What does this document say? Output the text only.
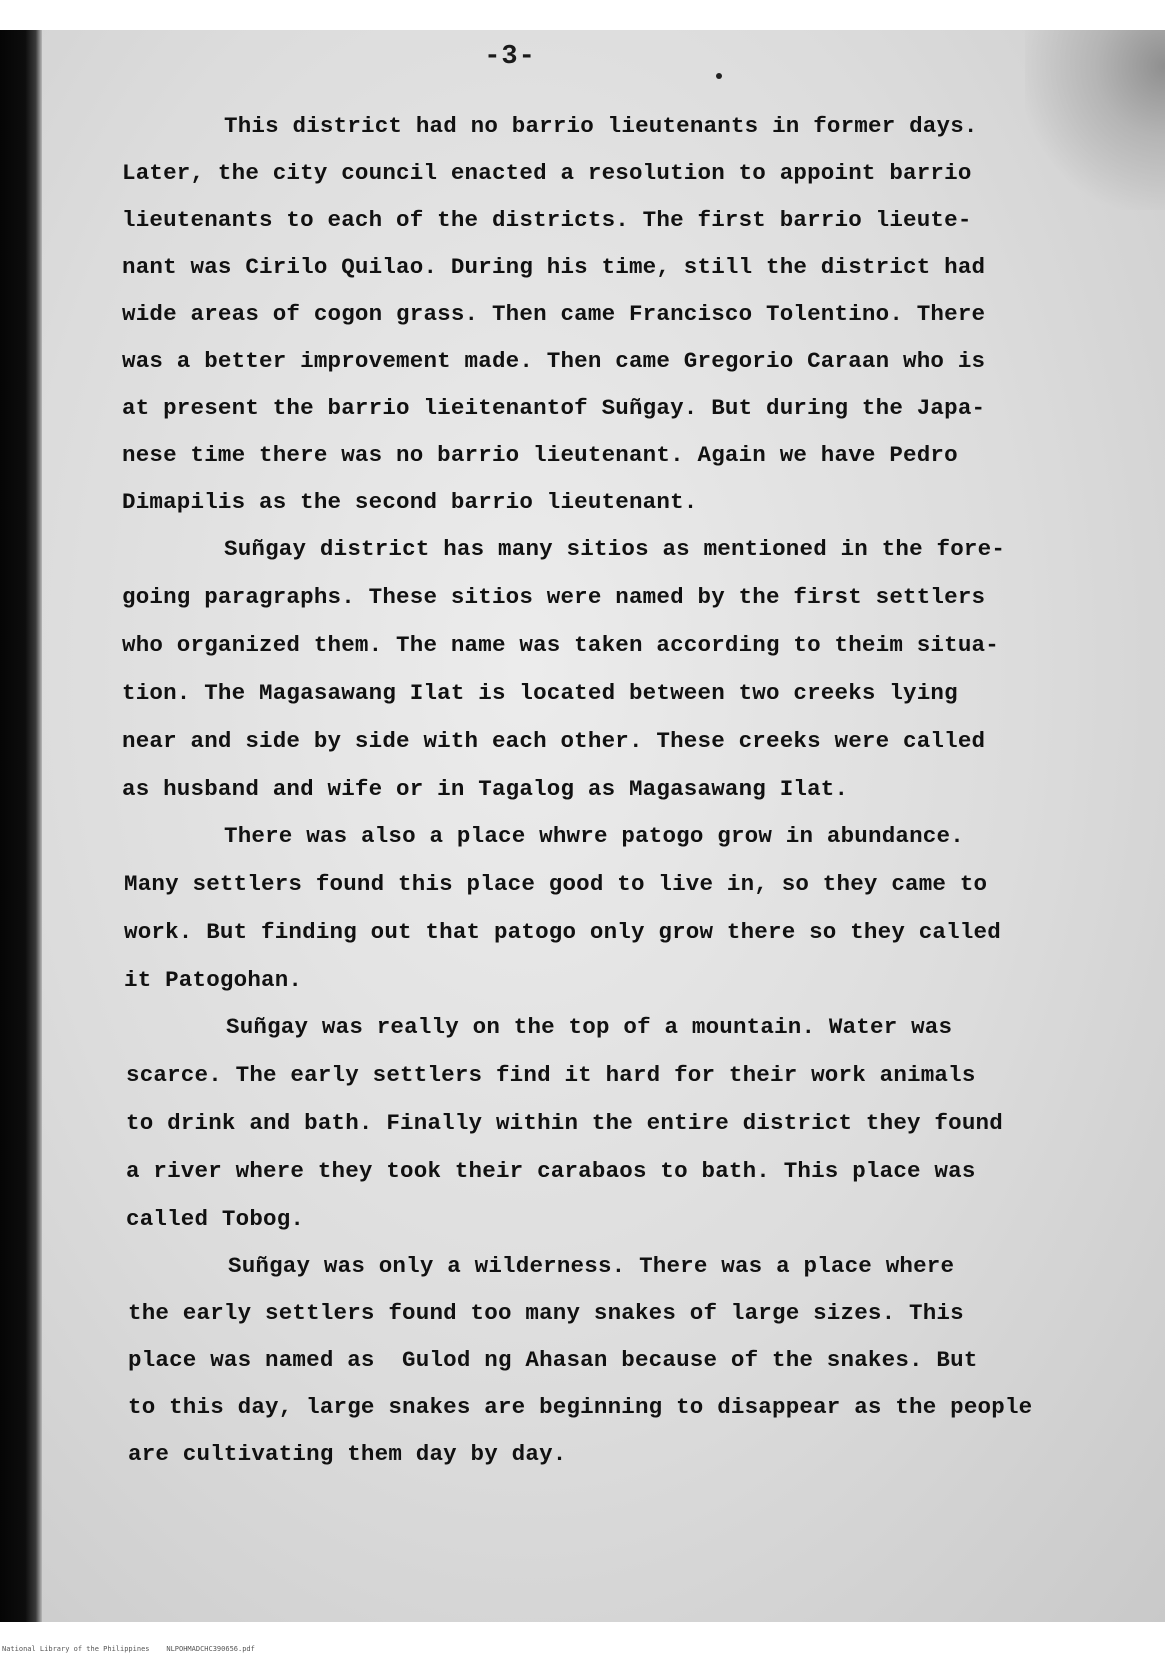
-3-
This district had no barrio lieutenants in former days.
Later, the city council enacted a resolution to appoint barrio
lieutenants to each of the districts. The first barrio lieute-
nant was Cirilo Quilao. During his time, still the district had
wide areas of cogon grass. Then came Francisco Tolentino. There
was a better improvement made. Then came Gregorio Caraan who is
at present the barrio lieitenantof Suñgay. But during the Japa-
nese time there was no barrio lieutenant. Again we have Pedro
Dimapilis as the second barrio lieutenant.
Suñgay district has many sitios as mentioned in the fore-
going paragraphs. These sitios were named by the first settlers
who organized them. The name was taken according to theim situa-
tion. The Magasawang Ilat is located between two creeks lying
near and side by side with each other. These creeks were called
as husband and wife or in Tagalog as Magasawang Ilat.
There was also a place whwre patogo grow in abundance.
Many settlers found this place good to live in, so they came to
work. But finding out that patogo only grow there so they called
it Patogohan.
Suñgay was really on the top of a mountain. Water was
scarce. The early settlers find it hard for their work animals
to drink and bath. Finally within the entire district they found
a river where they took their carabaos to bath. This place was
called Tobog.
Suñgay was only a wilderness. There was a place where
the early settlers found too many snakes of large sizes. This
place was named as  Gulod ng Ahasan because of the snakes. But
to this day, large snakes are beginning to disappear as the people
are cultivating them day by day.
National Library of the Philippines    NLPOHMADCHC390656.pdf
